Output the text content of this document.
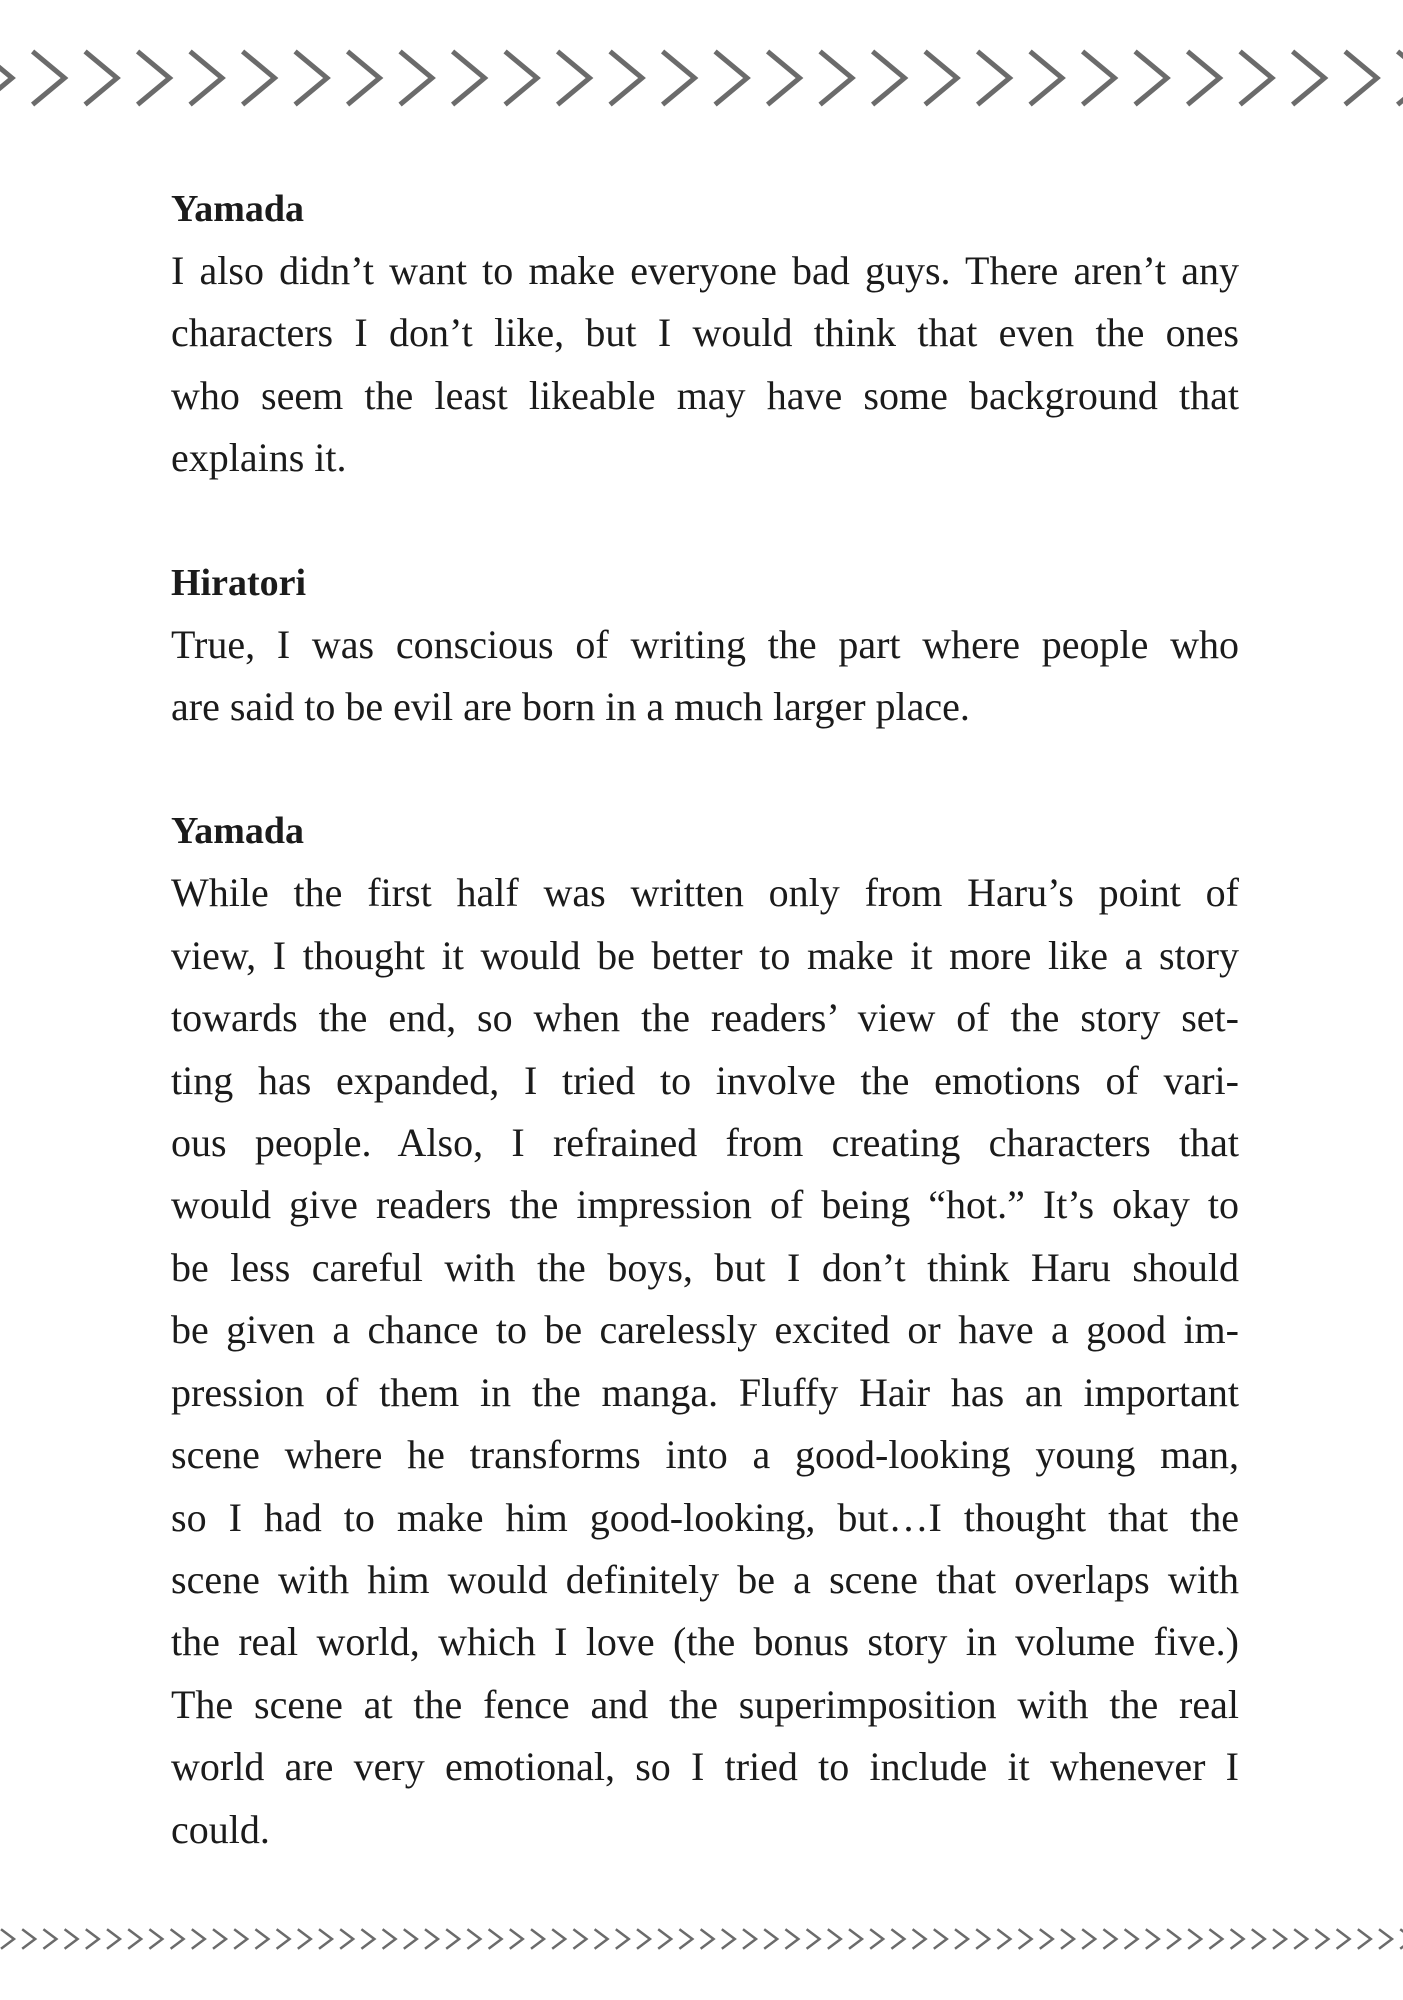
Yamada

I also didn’t want to make everyone bad guys. There aren’t any
characters I don’t like, but I would think that even the ones
who seem the least likeable may have some background that
explains it.

Hiratori

True, I was conscious of writing the part where people who
are said to be evil are born in a much larger place.

Yamada

While the first half was written only from Haru’s point of
view, I thought it would be better to make it more like a story
towards the end, so when the readers’ view of the story set-
ting has expanded, I tried to involve the emotions of vari-
ous people. Also, I refrained from creating characters that
would give readers the impression of being “hot.” It’s okay to
be less careful with the boys, but I don’t think Haru should
be given a chance to be carelessly excited or have a good im-
pression of them in the manga. Fluffy Hair has an important
scene where he transforms into a good-looking young man,
so I had to make him good-looking, but…I thought that the
scene with him would definitely be a scene that overlaps with
the real world, which I love (the bonus story in volume five.)
The scene at the fence and the superimposition with the real
world are very emotional, so I tried to include it whenever I
could.
